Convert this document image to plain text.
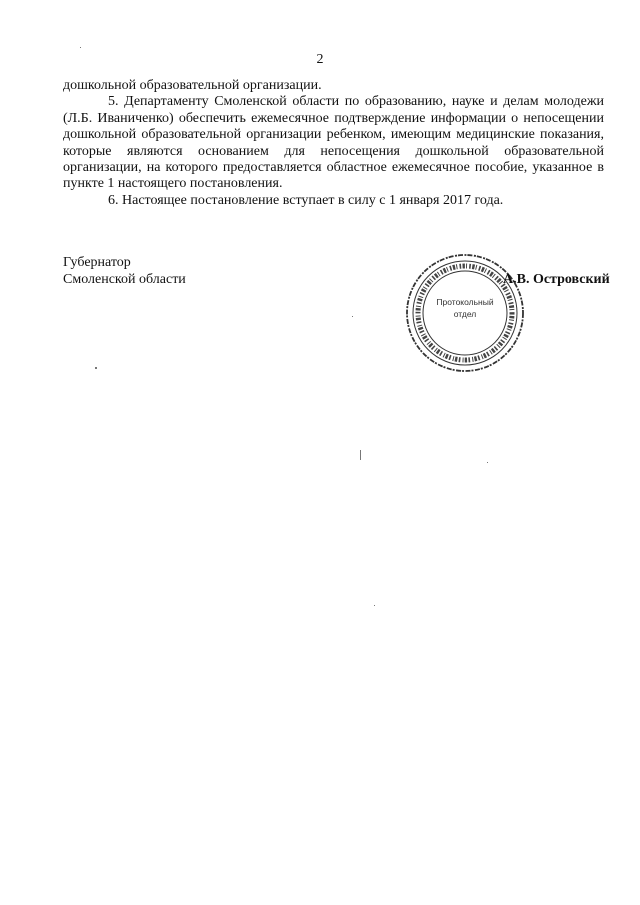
2

дошкольной образовательной организации.

5. Департаменту Смоленской области по образованию, науке и делам молодежи (Л.Б. Иваниченко) обеспечить ежемесячное подтверждение информации о непосещении дошкольной образовательной организации ребенком, имеющим медицинские показания, которые являются основанием для непосещения дошкольной образовательной организации, на которого предоставляется областное ежемесячное пособие, указанное в пункте 1 настоящего постановления.

6. Настоящее постановление вступает в силу с 1 января 2017 года.

Губернатор
Смоленской области
Протокольный
отдел
А.В. Островский
